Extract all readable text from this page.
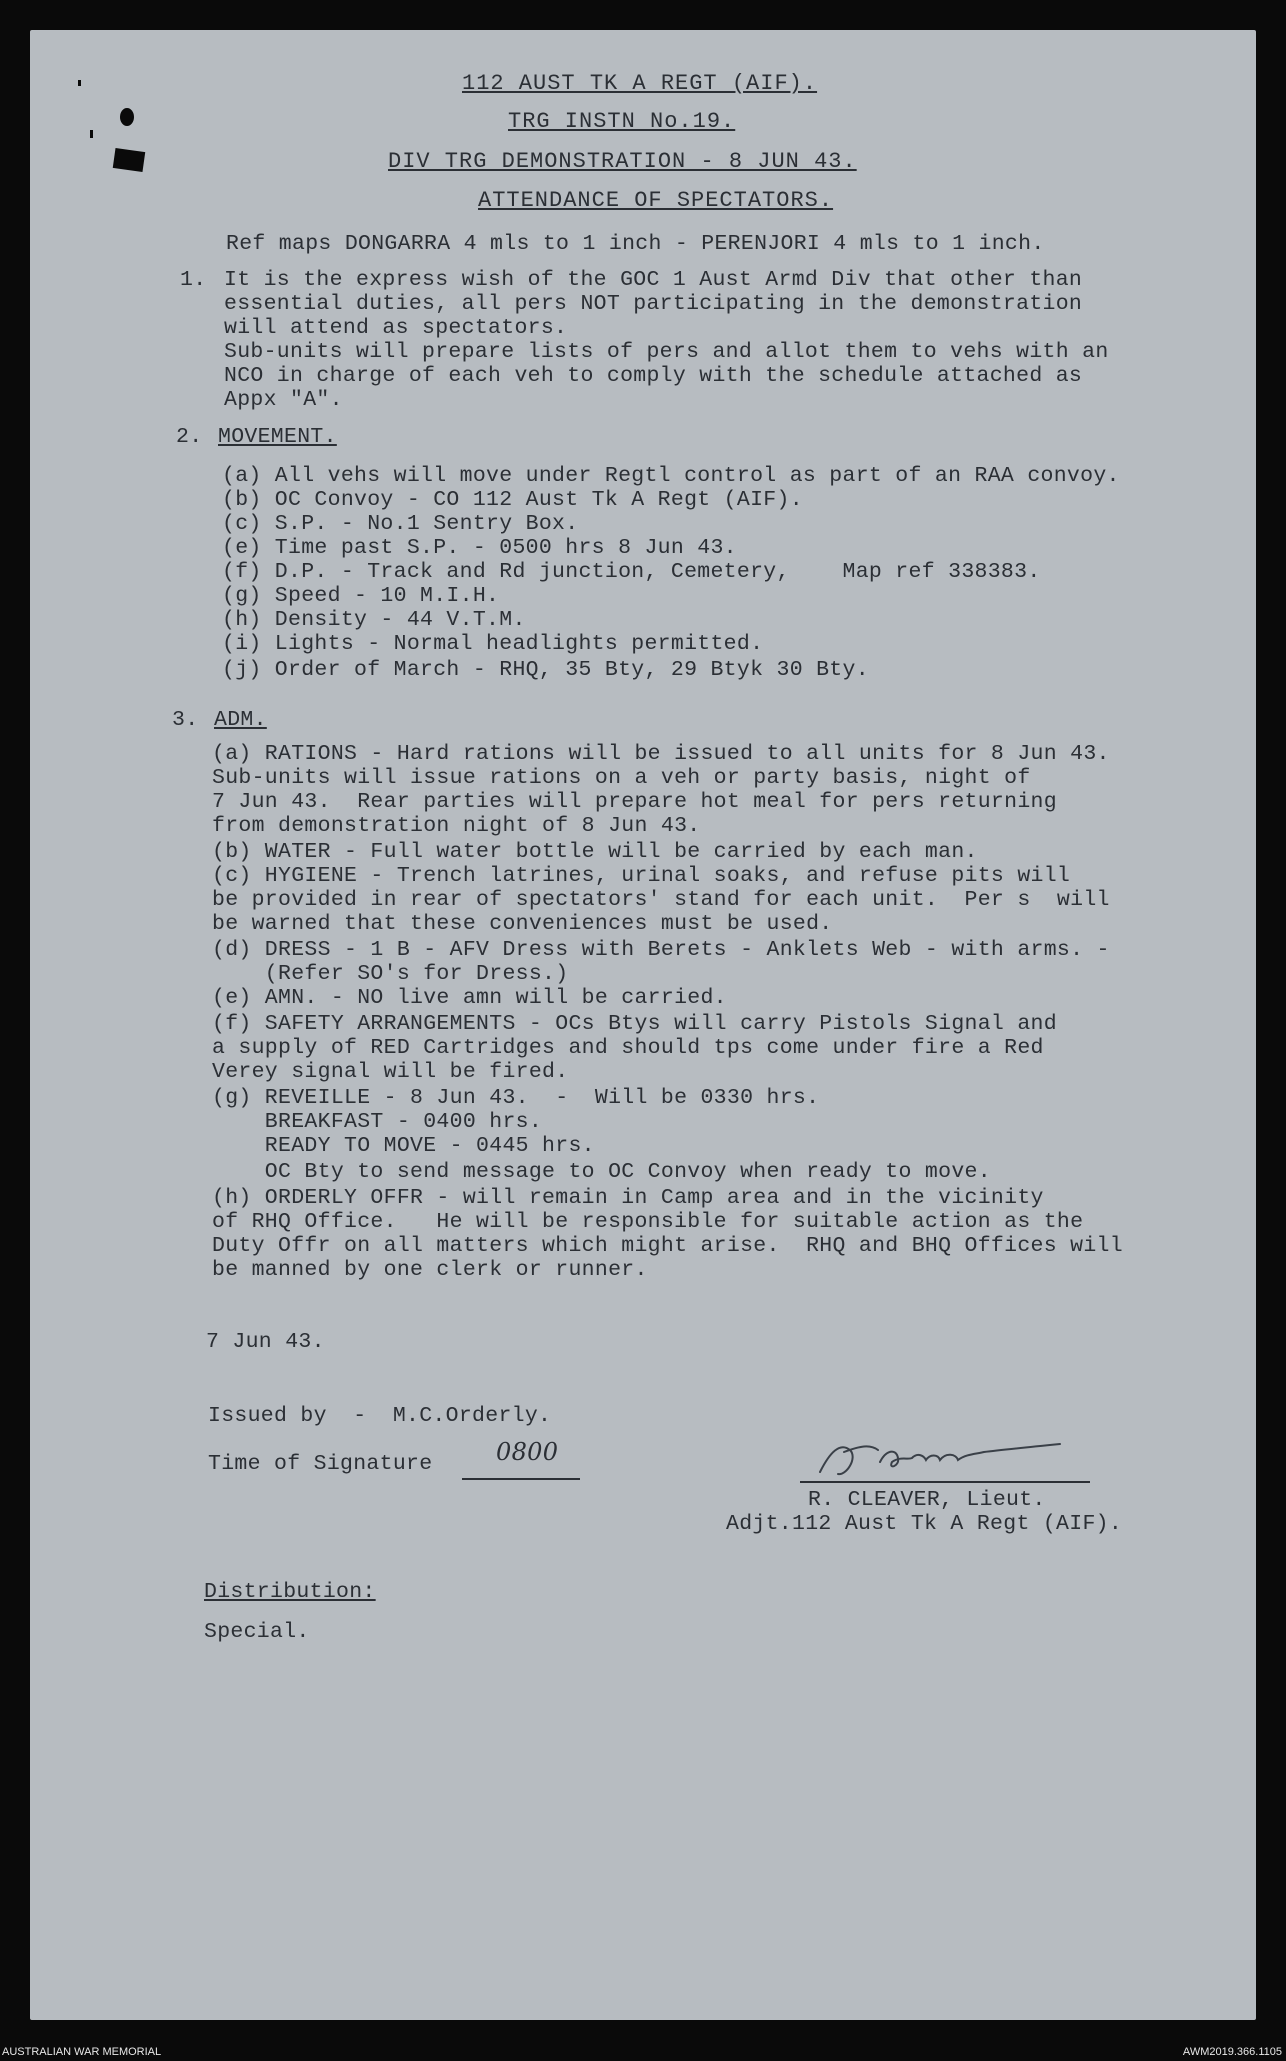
112 AUST TK A REGT (AIF).
TRG INSTN No.19.
DIV TRG DEMONSTRATION - 8 JUN 43.
ATTENDANCE OF SPECTATORS.
Ref maps DONGARRA 4 mls to 1 inch - PERENJORI 4 mls to 1 inch.
1. It is the express wish of the GOC 1 Aust Armd Div that other than
essential duties, all pers NOT participating in the demonstration
will attend as spectators.
Sub-units will prepare lists of pers and allot them to vehs with an
NCO in charge of each veh to comply with the schedule attached as
Appx "A".
2. MOVEMENT.
(a) All vehs will move under Regtl control as part of an RAA convoy.
(b) OC Convoy - CO 112 Aust Tk A Regt (AIF).
(c) S.P. - No.1 Sentry Box.
(e) Time past S.P. - 0500 hrs 8 Jun 43.
(f) D.P. - Track and Rd junction, Cemetery,    Map ref 338383.
(g) Speed - 10 M.I.H.
(h) Density - 44 V.T.M.
(i) Lights - Normal headlights permitted.
(j) Order of March - RHQ, 35 Bty, 29 Btyk 30 Bty.
3. ADM.
(a) RATIONS - Hard rations will be issued to all units for 8 Jun 43.
Sub-units will issue rations on a veh or party basis, night of
7 Jun 43.  Rear parties will prepare hot meal for pers returning
from demonstration night of 8 Jun 43.
(b) WATER - Full water bottle will be carried by each man.
(c) HYGIENE - Trench latrines, urinal soaks, and refuse pits will
be provided in rear of spectators' stand for each unit.  Per s  will
be warned that these conveniences must be used.
(d) DRESS - 1 B - AFV Dress with Berets - Anklets Web - with arms. -
(Refer SO's for Dress.)
(e) AMN. - NO live amn will be carried.
(f) SAFETY ARRANGEMENTS - OCs Btys will carry Pistols Signal and
a supply of RED Cartridges and should tps come under fire a Red
Verey signal will be fired.
(g) REVEILLE - 8 Jun 43.  -  Will be 0330 hrs.
BREAKFAST - 0400 hrs.
READY TO MOVE - 0445 hrs.
OC Bty to send message to OC Convoy when ready to move.
(h) ORDERLY OFFR - will remain in Camp area and in the vicinity
of RHQ Office.   He will be responsible for suitable action as the
Duty Offr on all matters which might arise.  RHQ and BHQ Offices will
be manned by one clerk or runner.
7 Jun 43.
Issued by  -  M.C.Orderly.
Time of Signature	0800
R. CLEAVER, Lieut.
Adjt.112 Aust Tk A Regt (AIF).
Distribution:
Special.
AUSTRALIAN WAR MEMORIAL	AWM2019.366.1105
